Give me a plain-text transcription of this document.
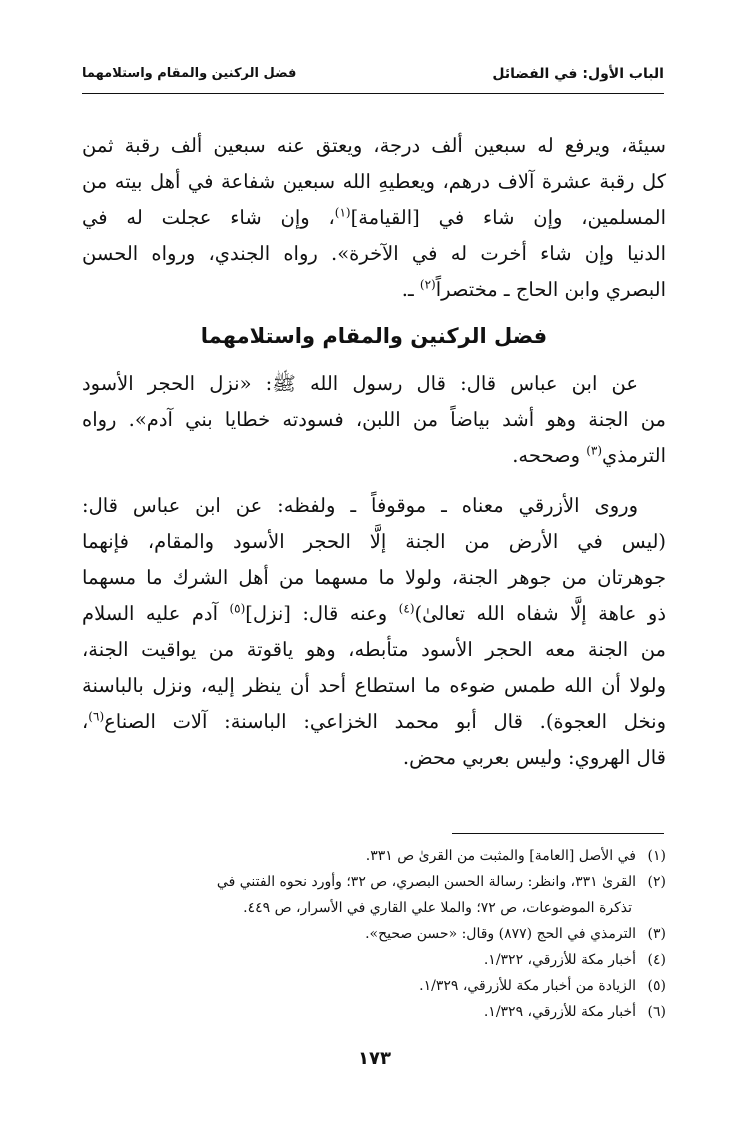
الباب الأول: في الفضائل
فضل الركنين والمقام واستلامهما
سيئة، ويرفع له سبعين ألف درجة، ويعتق عنه سبعين ألف رقبة ثمن
كل رقبة عشرة آلاف درهم، ويعطيهِ الله سبعين شفاعة في أهل بيته من
المسلمين، وإن شاء في [القيامة]$^{(١)}$، وإن شاء عجلت له في
الدنيا وإن شاء أخرت له في الآخرة». رواه الجندي، ورواه الحسن
البصري وابن الحاج ـ مختصراً$^{(٢)}$ ـ.
فضل الركنين والمقام واستلامهما
عن ابن عباس قال: قال رسول الله ﷺ: «نزل الحجر الأسود
من الجنة وهو أشد بياضاً من اللبن، فسودته خطايا بني آدم». رواه
الترمذي$^{(٣)}$ وصححه.
وروى الأزرقي معناه ـ موقوفاً ـ ولفظه: عن ابن عباس قال:
(ليس في الأرض من الجنة إلَّا الحجر الأسود والمقام، فإنهما
جوهرتان من جوهر الجنة، ولولا ما مسهما من أهل الشرك ما مسهما
ذو عاهة إلَّا شفاه الله تعالىٰ)$^{(٤)}$ وعنه قال: [نزل]$^{(٥)}$ آدم عليه السلام
من الجنة معه الحجر الأسود متأبطه، وهو ياقوتة من يواقيت الجنة،
ولولا أن الله طمس ضوءه ما استطاع أحد أن ينظر إليه، ونزل بالباسنة
ونخل العجوة). قال أبو محمد الخزاعي: الباسنة: آلات الصناع$^{(٦)}$،
قال الهروي: وليس بعربي محض.
(١)في الأصل [العامة] والمثبت من القرىٰ ص ٣٣١.
(٢)القرىٰ ٣٣١، وانظر: رسالة الحسن البصري، ص ٣٢؛ وأورد نحوه الفتني في
تذكرة الموضوعات، ص ٧٢؛ والملا علي القاري في الأسرار، ص ٤٤٩.
(٣)الترمذي في الحج (٨٧٧) وقال: «حسن صحيح».
(٤)أخبار مكة للأزرقي، ١/٣٢٢.
(٥)الزيادة من أخبار مكة للأزرقي، ١/٣٢٩.
(٦)أخبار مكة للأزرقي، ١/٣٢٩.
١٧٣
